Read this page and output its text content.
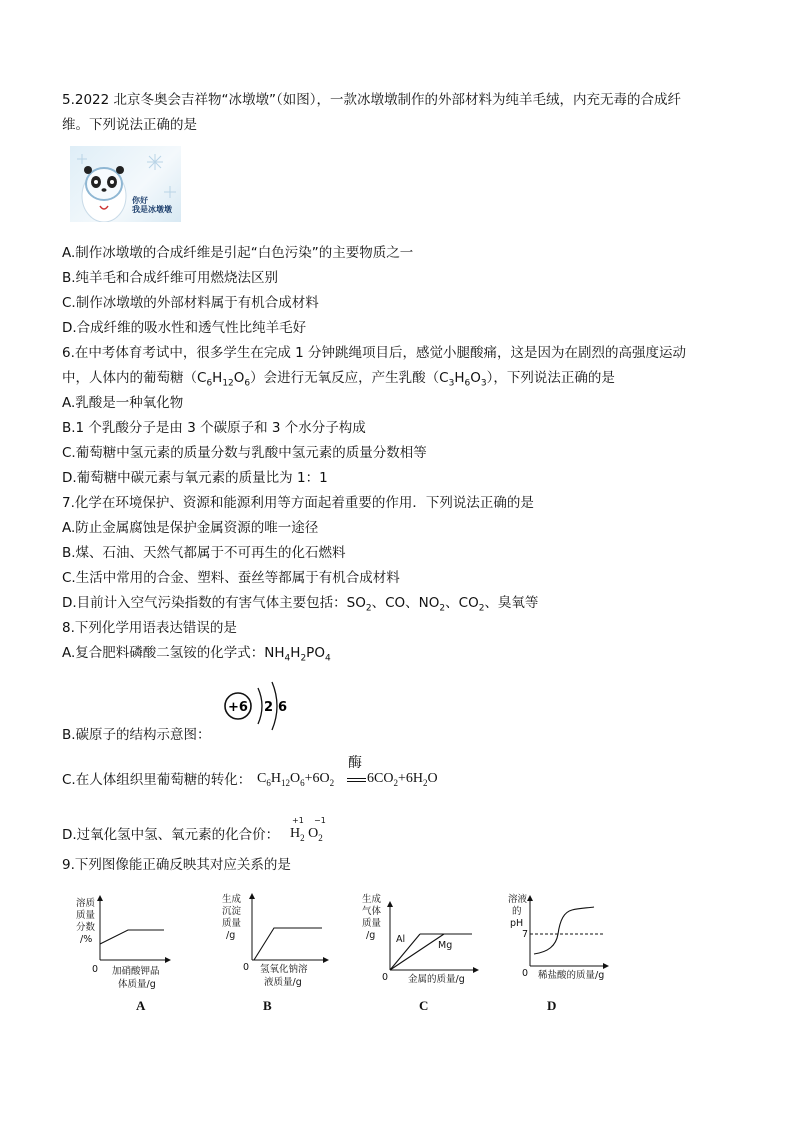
5.2022 北京冬奥会吉祥物“冰墩墩”（如图），一款冰墩墩制作的外部材料为纯羊毛绒，内充无毒的合成纤
维。下列说法正确的是
你好
我是冰墩墩
A.制作冰墩墩的合成纤维是引起“白色污染”的主要物质之一
B.纯羊毛和合成纤维可用燃烧法区别
C.制作冰墩墩的外部材料属于有机合成材料
D.合成纤维的吸水性和透气性比纯羊毛好
6.在中考体育考试中，很多学生在完成 1 分钟跳绳项目后，感觉小腿酸痛，这是因为在剧烈的高强度运动
中，人体内的葡萄糖$(C_6H_{12}O_6)$会进行无氧反应，产生乳酸$(C_3H_6O_3)$，下列说法正确的是
A.乳酸是一种氧化物
B.1 个乳酸分子是由 3 个碳原子和 3 个水分子构成
C.葡萄糖中氢元素的质量分数与乳酸中氢元素的质量分数相等
D.葡萄糖中碳元素与氧元素的质量比为 1：1
7.化学在环境保护、资源和能源利用等方面起着重要的作用．下列说法正确的是
A.防止金属腐蚀是保护金属资源的唯一途径
B.煤、石油、天然气都属于不可再生的化石燃料
C.生活中常用的合金、塑料、蚕丝等都属于有机合成材料
D.目前计入空气污染指数的有害气体主要包括：$SO_2$、CO、$NO_2$、$CO_2$、臭氧等
8.下列化学用语表达错误的是
A.复合肥料磷酸二氢铵的化学式：$NH_4H_2PO_4$
+6 2 6
B.碳原子的结构示意图：
C.在人体组织里葡萄糖的转化： $C_6H_{12}O_6+6O_2$
酶
$6CO_2+6H_2O$
D.过氧化氢中氢、氧元素的化合价：
+1 −1
$H_2$ $O_2$
9.下列图像能正确反映其对应关系的是
溶质
质量
分数
/%
0 加硝酸钾晶
体质量/g
生成
沉淀
质量
/g
0 氢氧化钠溶
液质量/g
生成
气体
质量
/g Al
Mg
0 金属的质量/g
溶液
的
pH
7
0 稀盐酸的质量/g
A	B	C	D
